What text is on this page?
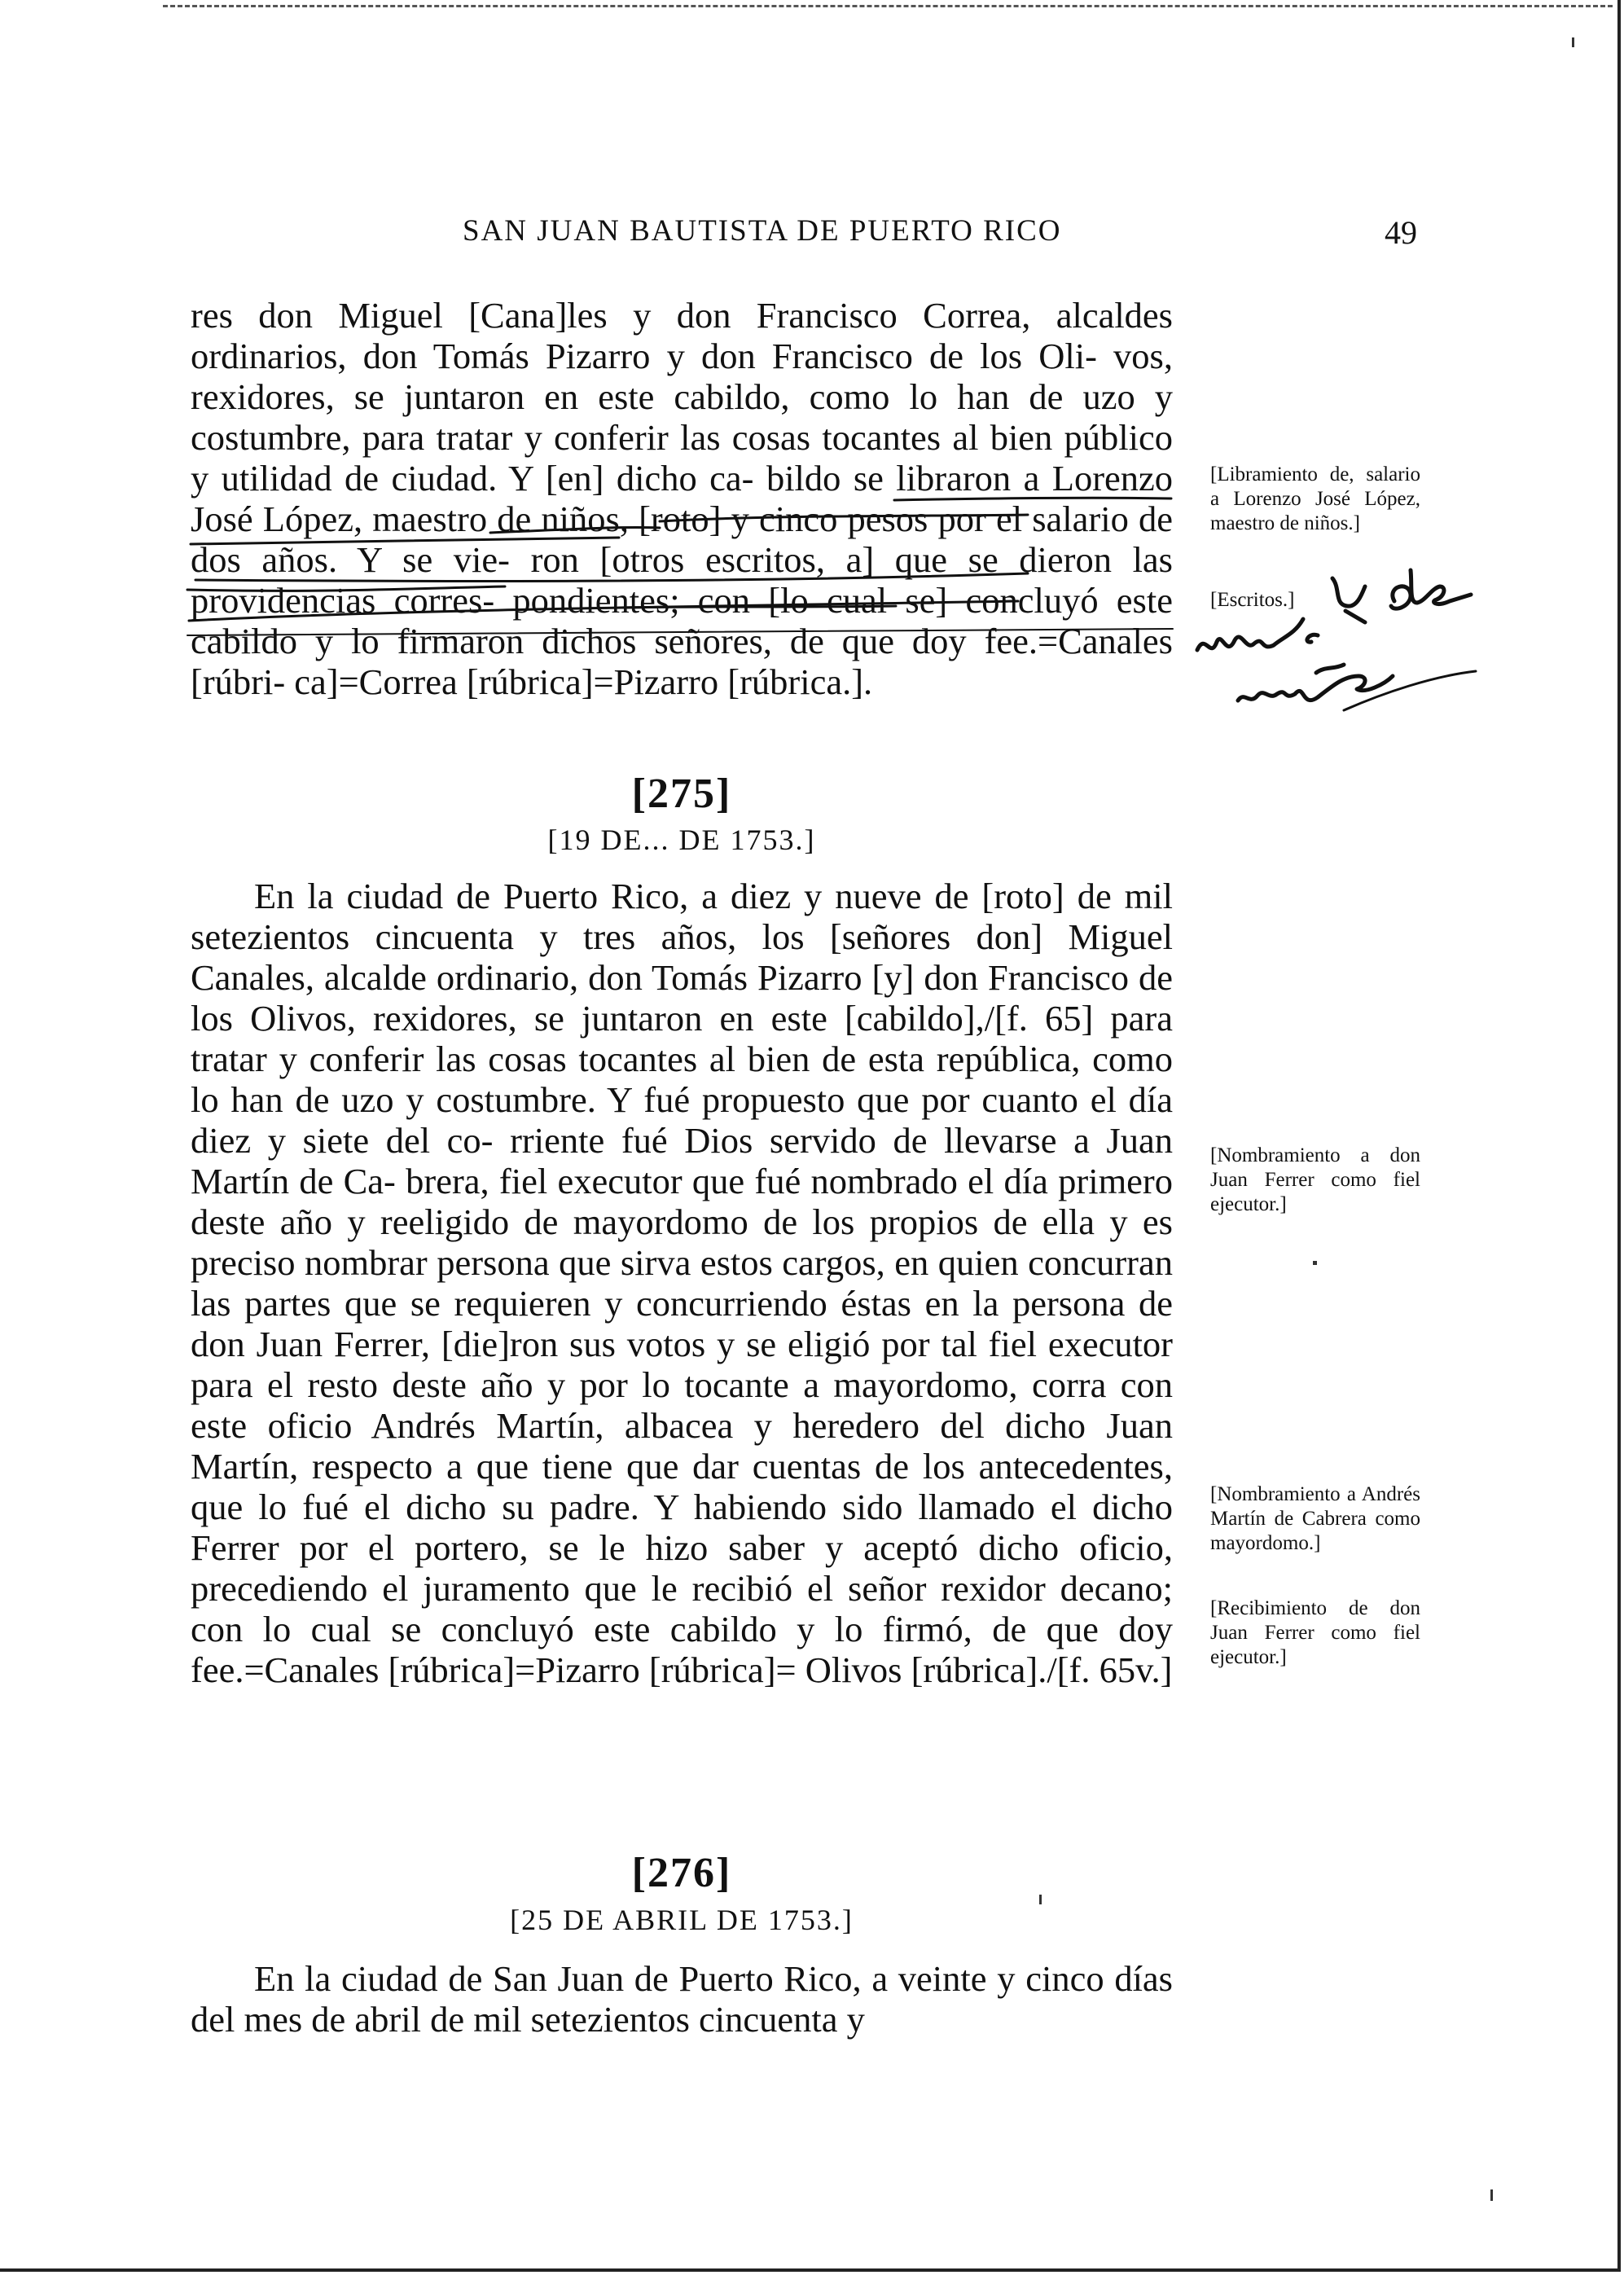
SAN JUAN BAUTISTA DE PUERTO RICO	49

res don Miguel [Cana]les y don Francisco Correa, alcaldes ordinarios, don Tomás Pizarro y don Francisco de los Oli- vos, rexidores, se juntaron en este cabildo, como lo han de uzo y costumbre, para tratar y conferir las cosas tocantes al bien público y utilidad de ciudad. Y [en] dicho ca- bildo se libraron a Lorenzo José López, maestro de niños, [roto] y cinco pesos por el salario de dos años. Y se vie- ron [otros escritos, a] que se dieron las providencias corres- pondientes; con [lo cual se] concluyó este cabildo y lo firmaron dichos señores, de que doy fee.=Canales [rúbri- ca]=Correa [rúbrica]=Pizarro [rúbrica.].

[275]
[19 DE... DE 1753.]

En la ciudad de Puerto Rico, a diez y nueve de [roto] de mil setezientos cincuenta y tres años, los [señores don] Miguel Canales, alcalde ordinario, don Tomás Pizarro [y] don Francisco de los Olivos, rexidores, se juntaron en este [cabildo],/[f. 65] para tratar y conferir las cosas tocantes al bien de esta república, como lo han de uzo y costumbre. Y fué propuesto que por cuanto el día diez y siete del co- rriente fué Dios servido de llevarse a Juan Martín de Ca- brera, fiel executor que fué nombrado el día primero deste año y reeligido de mayordomo de los propios de ella y es preciso nombrar persona que sirva estos cargos, en quien concurran las partes que se requieren y concurriendo éstas en la persona de don Juan Ferrer, [die]ron sus votos y se eligió por tal fiel executor para el resto deste año y por lo tocante a mayordomo, corra con este oficio Andrés Martín, albacea y heredero del dicho Juan Martín, respecto a que tiene que dar cuentas de los antecedentes, que lo fué el dicho su padre. Y habiendo sido llamado el dicho Ferrer por el portero, se le hizo saber y aceptó dicho oficio, precediendo el juramento que le recibió el señor rexidor decano; con lo cual se concluyó este cabildo y lo firmó, de que doy fee.=Canales [rúbrica]=Pizarro [rúbrica]= Olivos [rúbrica]./[f. 65v.]

[276]
[25 DE ABRIL DE 1753.]

En la ciudad de San Juan de Puerto Rico, a veinte y cinco días del mes de abril de mil setezientos cincuenta y

[Libramiento de, salario a Lorenzo José López, maestro de niños.]
[Escritos.]
[Nombramiento a don Juan Ferrer como fiel ejecutor.]
[Nombramiento a Andrés Martín de Cabrera como mayordomo.]
[Recibimiento de don Juan Ferrer como fiel ejecutor.]
